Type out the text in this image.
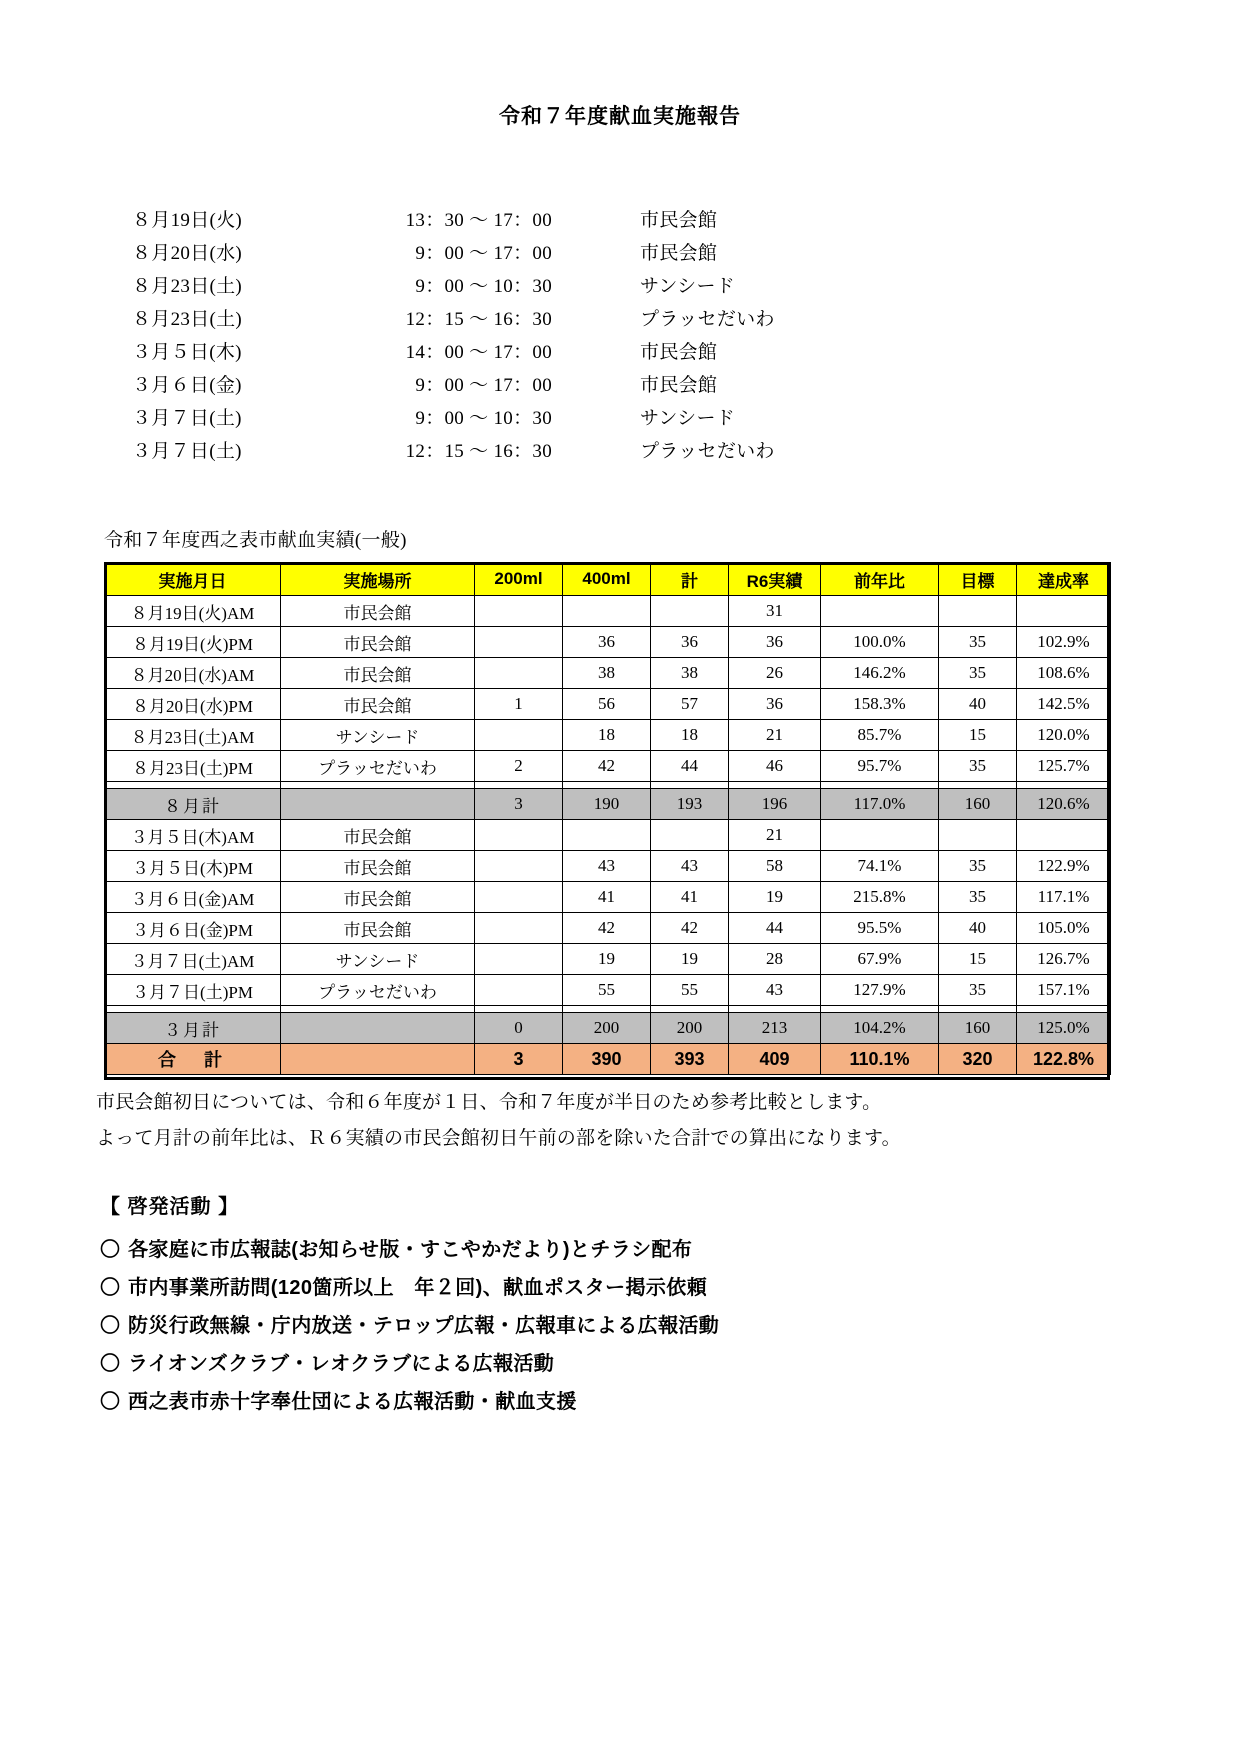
令和７年度献血実施報告
８月19日(火)	13：30 ～ 17：00	市民会館
８月20日(水)	9：00 ～ 17：00	市民会館
８月23日(土)	9：00 ～ 10：30	サンシード
８月23日(土)	12：15 ～ 16：30	プラッセだいわ
３月５日(木)	14：00 ～ 17：00	市民会館
３月６日(金)	9：00 ～ 17：00	市民会館
３月７日(土)	9：00 ～ 10：30	サンシード
３月７日(土)	12：15 ～ 16：30	プラッセだいわ
令和７年度西之表市献血実績(一般)
実施月日	実施場所	200ml	400ml	計	R6実績	前年比	目標	達成率
８月19日(火)AM	市民会館				31			
８月19日(火)PM	市民会館		36	36	36	100.0%	35	102.9%
８月20日(水)AM	市民会館		38	38	26	146.2%	35	108.6%
８月20日(水)PM	市民会館	1	56	57	36	158.3%	40	142.5%
８月23日(土)AM	サンシード		18	18	21	85.7%	15	120.0%
８月23日(土)PM	プラッセだいわ	2	42	44	46	95.7%	35	125.7%

８月計		3	190	193	196	117.0%	160	120.6%
３月５日(木)AM	市民会館				21			
３月５日(木)PM	市民会館		43	43	58	74.1%	35	122.9%
３月６日(金)AM	市民会館		41	41	19	215.8%	35	117.1%
３月６日(金)PM	市民会館		42	42	44	95.5%	40	105.0%
３月７日(土)AM	サンシード		19	19	28	67.9%	15	126.7%
３月７日(土)PM	プラッセだいわ		55	55	43	127.9%	35	157.1%

３月計		0	200	200	213	104.2%	160	125.0%
合　計		3	390	393	409	110.1%	320	122.8%
市民会館初日については、令和６年度が１日、令和７年度が半日のため参考比較とします。
よって月計の前年比は、Ｒ６実績の市民会館初日午前の部を除いた合計での算出になります。
【 啓発活動 】
〇 各家庭に市広報誌(お知らせ版・すこやかだより)とチラシ配布
〇 市内事業所訪問(120箇所以上　年２回)、献血ポスター掲示依頼
〇 防災行政無線・庁内放送・テロップ広報・広報車による広報活動
〇 ライオンズクラブ・レオクラブによる広報活動
〇 西之表市赤十字奉仕団による広報活動・献血支援
